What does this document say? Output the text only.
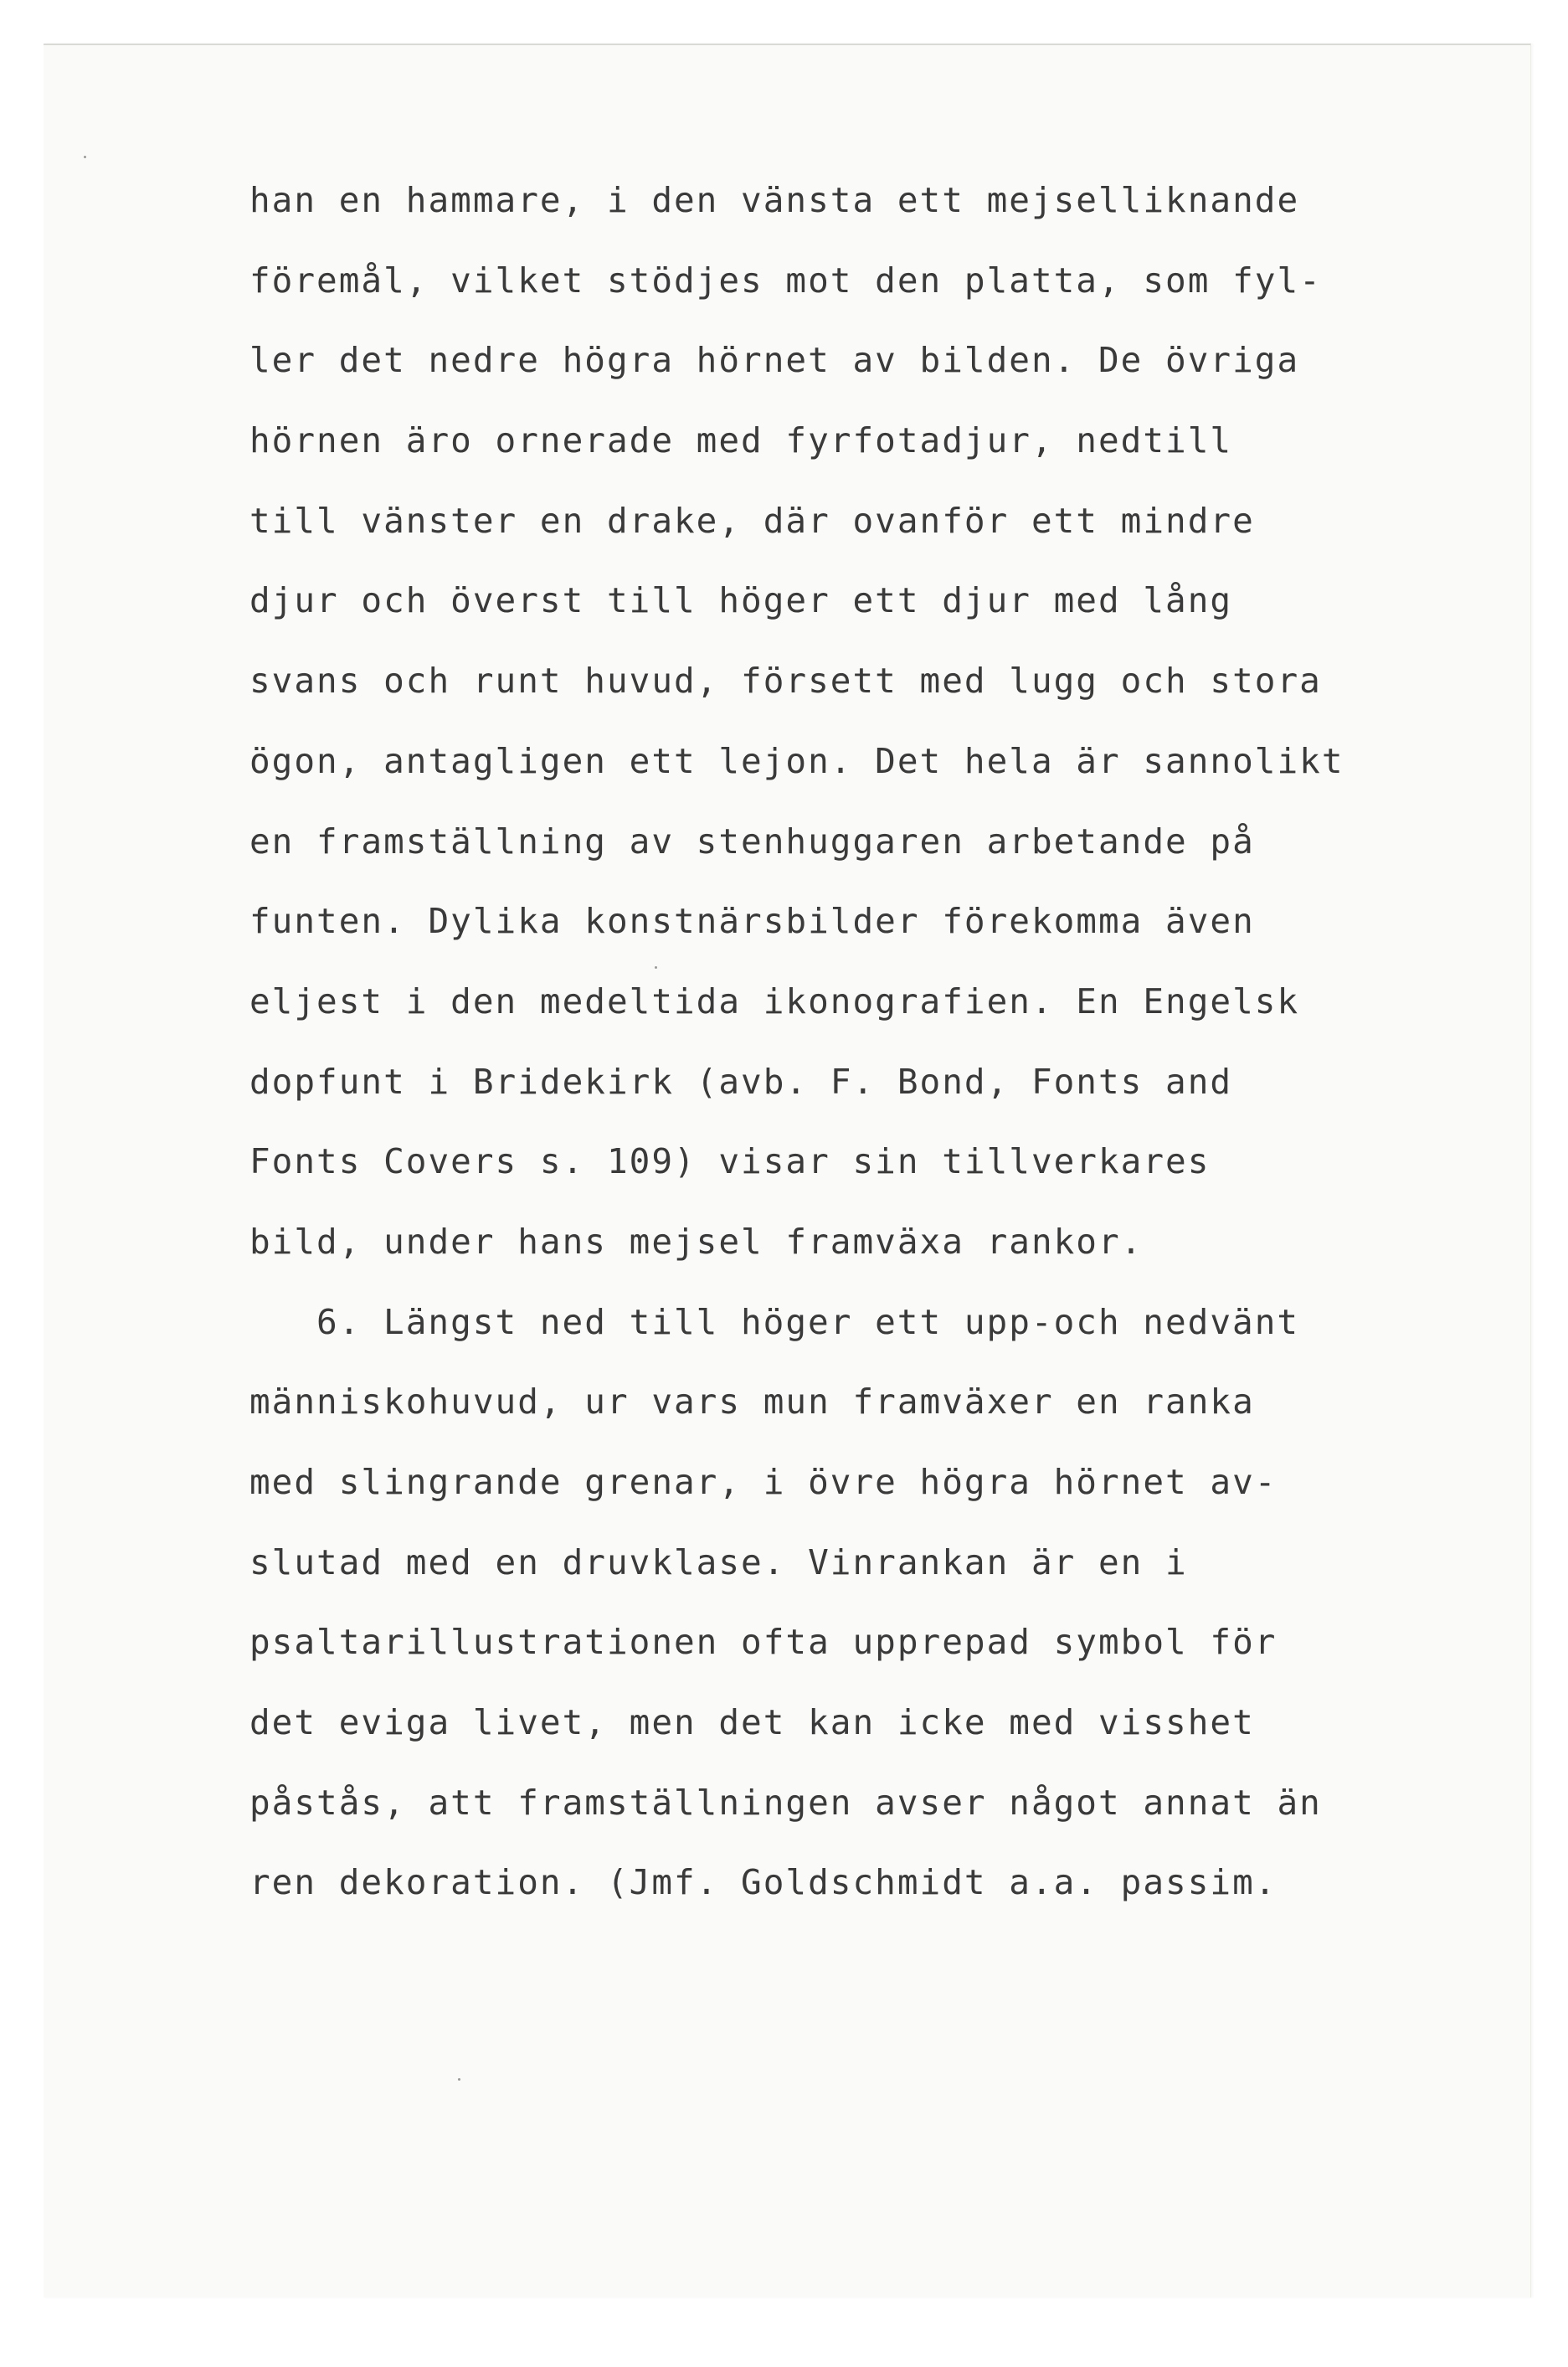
han en hammare, i den vänsta ett mejselliknande
föremål, vilket stödjes mot den platta, som fyl-
ler det nedre högra hörnet av bilden. De övriga
hörnen äro ornerade med fyrfotadjur, nedtill
till vänster en drake, där ovanför ett mindre
djur och överst till höger ett djur med lång
svans och runt huvud, försett med lugg och stora
ögon, antagligen ett lejon. Det hela är sannolikt
en framställning av stenhuggaren arbetande på
funten. Dylika konstnärsbilder förekomma även
eljest i den medeltida ikonografien. En Engelsk
dopfunt i Bridekirk (avb. F. Bond, Fonts and
Fonts Covers s. 109) visar sin tillverkares
bild, under hans mejsel framväxa rankor.
6. Längst ned till höger ett upp-och nedvänt
människohuvud, ur vars mun framväxer en ranka
med slingrande grenar, i övre högra hörnet av-
slutad med en druvklase. Vinrankan är en i
psaltarillustrationen ofta upprepad symbol för
det eviga livet, men det kan icke med visshet
påstås, att framställningen avser något annat än
ren dekoration. (Jmf. Goldschmidt a.a. passim.
